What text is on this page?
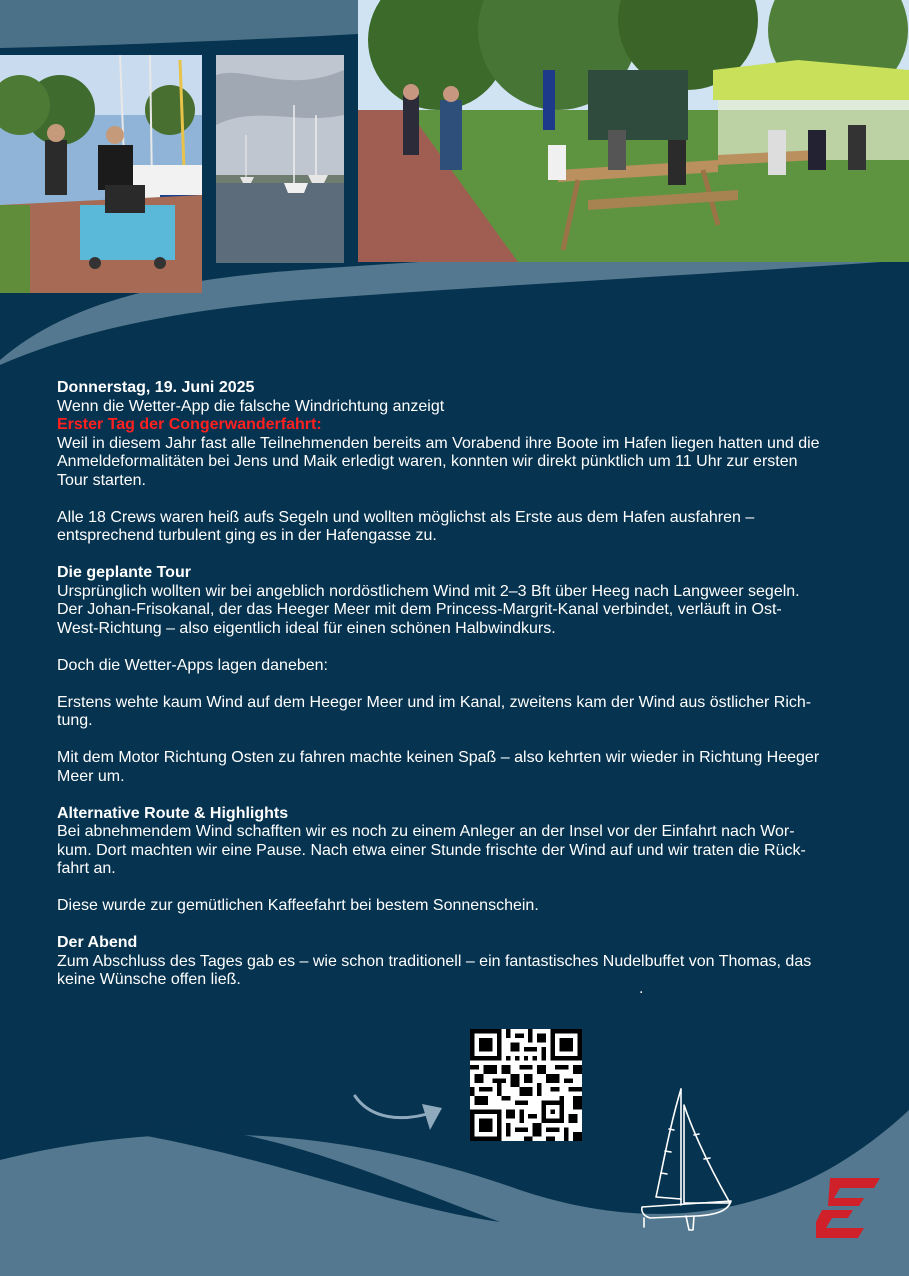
Donnerstag, 19. Juni 2025

Wenn die Wetter-App die falsche Windrichtung anzeigt

Erster Tag der Congerwanderfahrt:

Weil in diesem Jahr fast alle Teilnehmenden bereits am Vorabend ihre Boote im Hafen liegen hatten und die

Anmeldeformalitäten bei Jens und Maik erledigt waren, konnten wir direkt pünktlich um 11 Uhr zur ersten

Tour starten.

Alle 18 Crews waren heiß aufs Segeln und wollten möglichst als Erste aus dem Hafen ausfahren –

entsprechend turbulent ging es in der Hafengasse zu.

Die geplante Tour

Ursprünglich wollten wir bei angeblich nordöstlichem Wind mit 2–3 Bft über Heeg nach Langweer segeln.

Der Johan-Frisokanal, der das Heeger Meer mit dem Princess-Margrit-Kanal verbindet, verläuft in Ost-

West-Richtung – also eigentlich ideal für einen schönen Halbwindkurs.

Doch die Wetter-Apps lagen daneben:

Erstens wehte kaum Wind auf dem Heeger Meer und im Kanal, zweitens kam der Wind aus östlicher Rich-

tung.

Mit dem Motor Richtung Osten zu fahren machte keinen Spaß – also kehrten wir wieder in Richtung Heeger

Meer um.

Alternative Route & Highlights

Bei abnehmendem Wind schafften wir es noch zu einem Anleger an der Insel vor der Einfahrt nach Wor-

kum. Dort machten wir eine Pause. Nach etwa einer Stunde frischte der Wind auf und wir traten die Rück-

fahrt an.

Diese wurde zur gemütlichen Kaffeefahrt bei bestem Sonnenschein.

Der Abend

Zum Abschluss des Tages gab es – wie schon traditionell – ein fantastisches Nudelbuffet von Thomas, das

keine Wünsche offen ließ.

.
